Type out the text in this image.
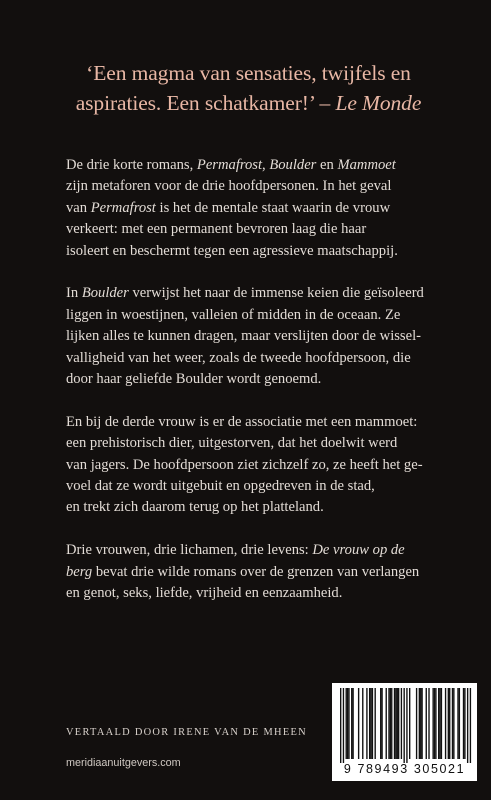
‘Een magma van sensaties, twijfels en
aspiraties. Een schatkamer!’ – Le Monde

De drie korte romans, Permafrost, Boulder en Mammoet
zijn metaforen voor de drie hoofdpersonen. In het geval
van Permafrost is het de mentale staat waarin de vrouw
verkeert: met een permanent bevroren laag die haar
isoleert en beschermt tegen een agressieve maatschappij.

In Boulder verwijst het naar de immense keien die geïsoleerd
liggen in woestijnen, valleien of midden in de oceaan. Ze
lijken alles te kunnen dragen, maar verslijten door de wissel-
valligheid van het weer, zoals de tweede hoofdpersoon, die
door haar geliefde Boulder wordt genoemd.

En bij de derde vrouw is er de associatie met een mammoet:
een prehistorisch dier, uitgestorven, dat het doelwit werd
van jagers. De hoofdpersoon ziet zichzelf zo, ze heeft het ge-
voel dat ze wordt uitgebuit en opgedreven in de stad,
en trekt zich daarom terug op het platteland.

Drie vrouwen, drie lichamen, drie levens: De vrouw op de
berg bevat drie wilde romans over de grenzen van verlangen
en genot, seks, liefde, vrijheid en eenzaamheid.

VERTAALD DOOR IRENE VAN DE MHEEN
meridiaanuitgevers.com	9 789493 305021
